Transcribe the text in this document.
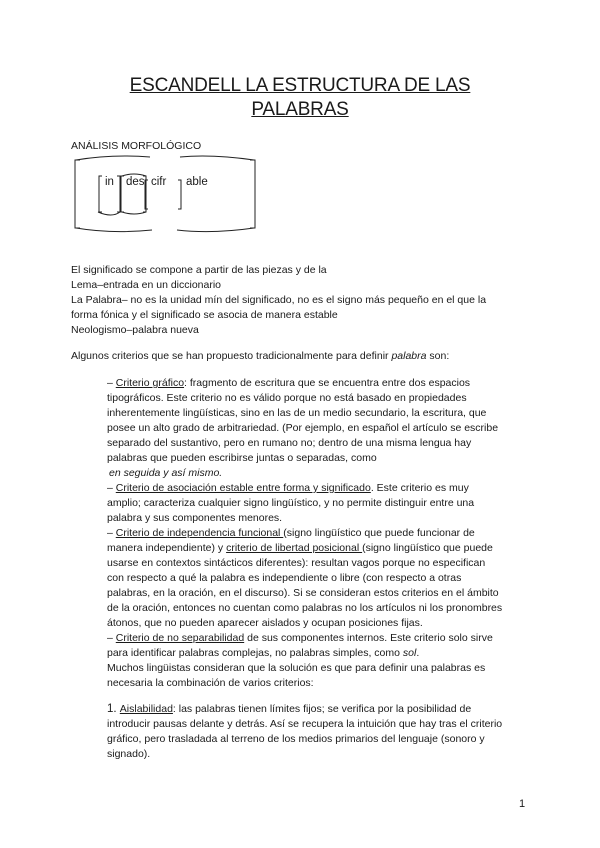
ESCANDELL LA ESTRUCTURA DE LAS
PALABRAS
ANÁLISIS MORFOLÓGICO
in des cifr able
El significado se compone a partir de las piezas y de la
Lema–entrada en un diccionario
La Palabra– no es la unidad mín del significado, no es el signo más pequeño en el que la
forma fónica y el significado se asocia de manera estable
Neologismo–palabra nueva
Algunos criterios que se han propuesto tradicionalmente para definir palabra son:
– Criterio gráfico: fragmento de escritura que se encuentra entre dos espacios
tipográficos. Este criterio no es válido porque no está basado en propiedades
inherentemente lingüísticas, sino en las de un medio secundario, la escritura, que
posee un alto grado de arbitrariedad. (Por ejemplo, en español el artículo se escribe
separado del sustantivo, pero en rumano no; dentro de una misma lengua hay
palabras que pueden escribirse juntas o separadas, como
en seguida y así mismo.
– Criterio de asociación estable entre forma y significado. Este criterio es muy
amplio; caracteriza cualquier signo lingüístico, y no permite distinguir entre una
palabra y sus componentes menores.
– Criterio de independencia funcional (signo lingüístico que puede funcionar de
manera independiente) y criterio de libertad posicional (signo lingüístico que puede
usarse en contextos sintácticos diferentes): resultan vagos porque no especifican
con respecto a qué la palabra es independiente o libre (con respecto a otras
palabras, en la oración, en el discurso). Si se consideran estos criterios en el ámbito
de la oración, entonces no cuentan como palabras no los artículos ni los pronombres
átonos, que no pueden aparecer aislados y ocupan posiciones fijas.
– Criterio de no separabilidad de sus componentes internos. Este criterio solo sirve
para identificar palabras complejas, no palabras simples, como sol.
Muchos lingüistas consideran que la solución es que para definir una palabras es
necesaria la combinación de varios criterios:
1. Aislabilidad: las palabras tienen límites fijos; se verifica por la posibilidad de
introducir pausas delante y detrás. Así se recupera la intuición que hay tras el criterio
gráfico, pero trasladada al terreno de los medios primarios del lenguaje (sonoro y
signado).
1
